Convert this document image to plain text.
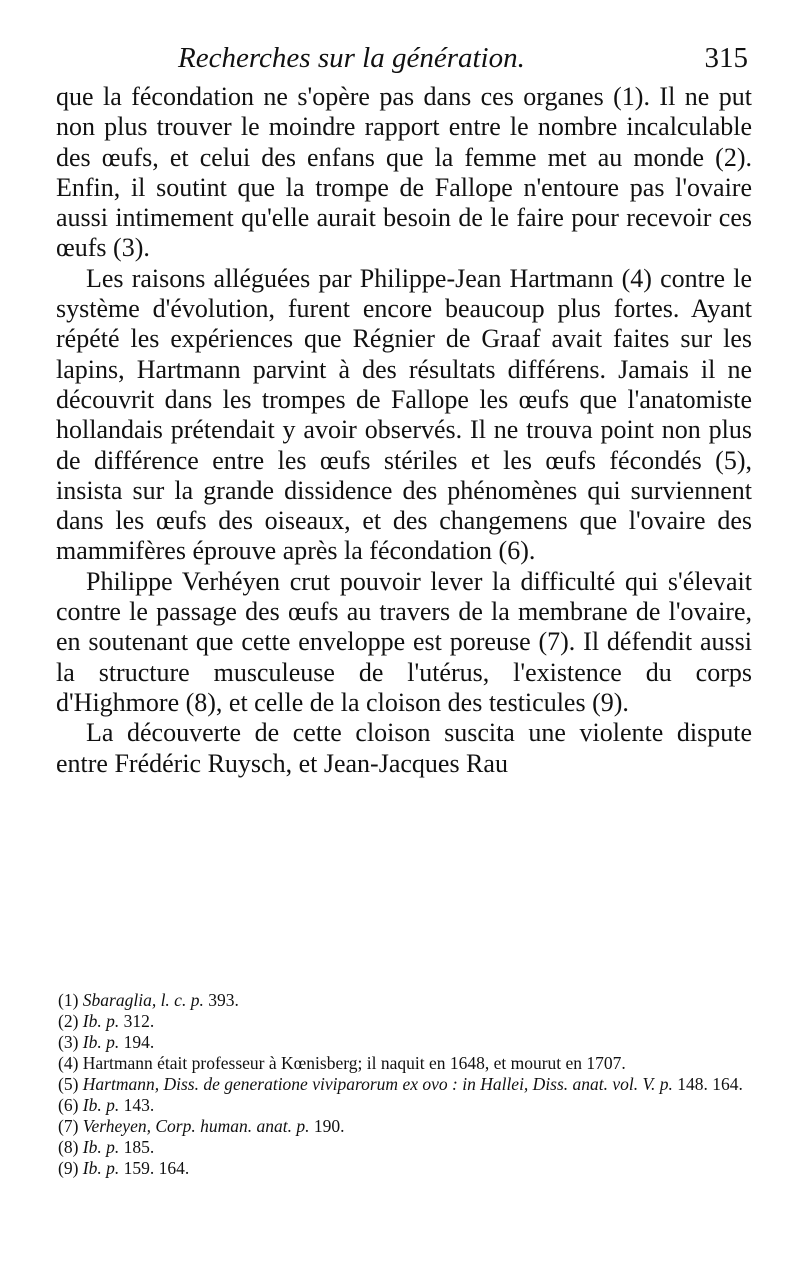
Recherches sur la génération.	315

que la fécondation ne s'opère pas dans ces organes (1). Il ne put non plus trouver le moindre rapport entre le nombre incalculable des œufs, et celui des enfans que la femme met au monde (2). Enfin, il soutint que la trompe de Fallope n'entoure pas l'ovaire aussi intimement qu'elle aurait besoin de le faire pour recevoir ces œufs (3).

Les raisons alléguées par Philippe-Jean Hartmann (4) contre le système d'évolution, furent encore beaucoup plus fortes. Ayant répété les expériences que Régnier de Graaf avait faites sur les lapins, Hartmann parvint à des résultats différens. Jamais il ne découvrit dans les trompes de Fallope les œufs que l'anatomiste hollandais prétendait y avoir observés. Il ne trouva point non plus de différence entre les œufs stériles et les œufs fécondés (5), insista sur la grande dissidence des phénomènes qui surviennent dans les œufs des oiseaux, et des changemens que l'ovaire des mammifères éprouve après la fécondation (6).

Philippe Verhéyen crut pouvoir lever la difficulté qui s'élevait contre le passage des œufs au travers de la membrane de l'ovaire, en soutenant que cette enveloppe est poreuse (7). Il défendit aussi la structure musculeuse de l'utérus, l'existence du corps d'Highmore (8), et celle de la cloison des testicules (9).

La découverte de cette cloison suscita une violente dispute entre Frédéric Ruysch, et Jean-Jacques Rau

(1) Sbaraglia, l. c. p. 393.
(2) Ib. p. 312.
(3) Ib. p. 194.
(4) Hartmann était professeur à Kœnisberg; il naquit en 1648, et mourut en 1707.
(5) Hartmann, Diss. de generatione viviparorum ex ovo : in Hallei, Diss. anat. vol. V. p. 148. 164.
(6) Ib. p. 143.
(7) Verheyen, Corp. human. anat. p. 190.
(8) Ib. p. 185.
(9) Ib. p. 159. 164.
